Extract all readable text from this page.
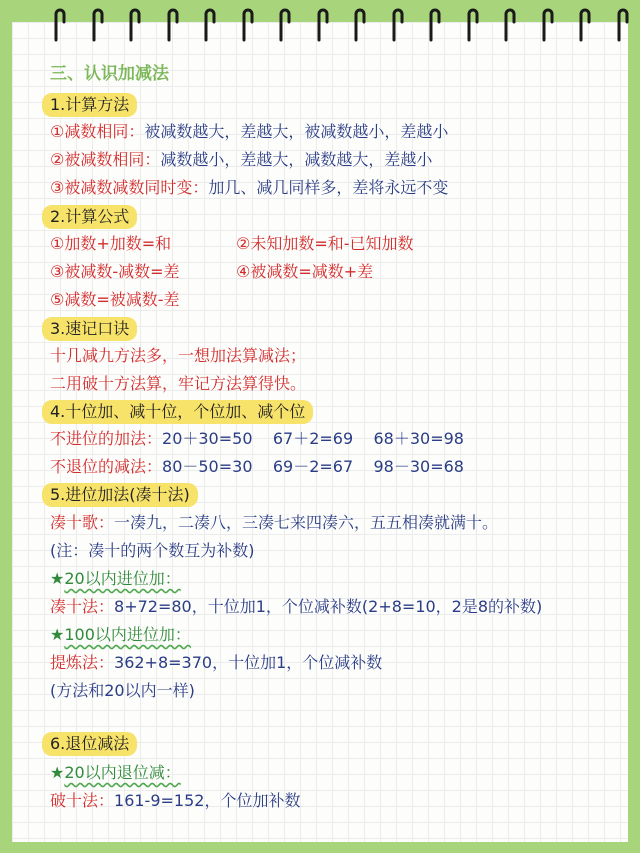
三、认识加减法
1.计算方法
①减数相同：被减数越大，差越大，被减数越小，差越小
②被减数相同：减数越小，差越大，减数越大，差越小
③被减数减数同时变：加几、减几同样多，差将永远不变
2.计算公式
①加数+加数=和	②未知加数=和-已知加数
③被减数-减数=差	④被减数=减数+差
⑤减数=被减数-差
3.速记口诀
十几减九方法多，一想加法算减法；
二用破十方法算，牢记方法算得快。
4.十位加、减十位，个位加、减个位
不进位的加法：20＋30=50    67＋2=69    68＋30=98
不退位的减法：80－50=30    69－2=67    98－30=68
5.进位加法(凑十法)
凑十歌：一凑九，二凑八，三凑七来四凑六，五五相凑就满十。
(注：凑十的两个数互为补数)
★20以内进位加：
凑十法：8+72=80，十位加1，个位减补数(2+8=10，2是8的补数)
★100以内进位加：
提炼法：362+8=370，十位加1，个位减补数
(方法和20以内一样)
6.退位减法
★20以内退位减：
破十法：161-9=152，个位加补数
